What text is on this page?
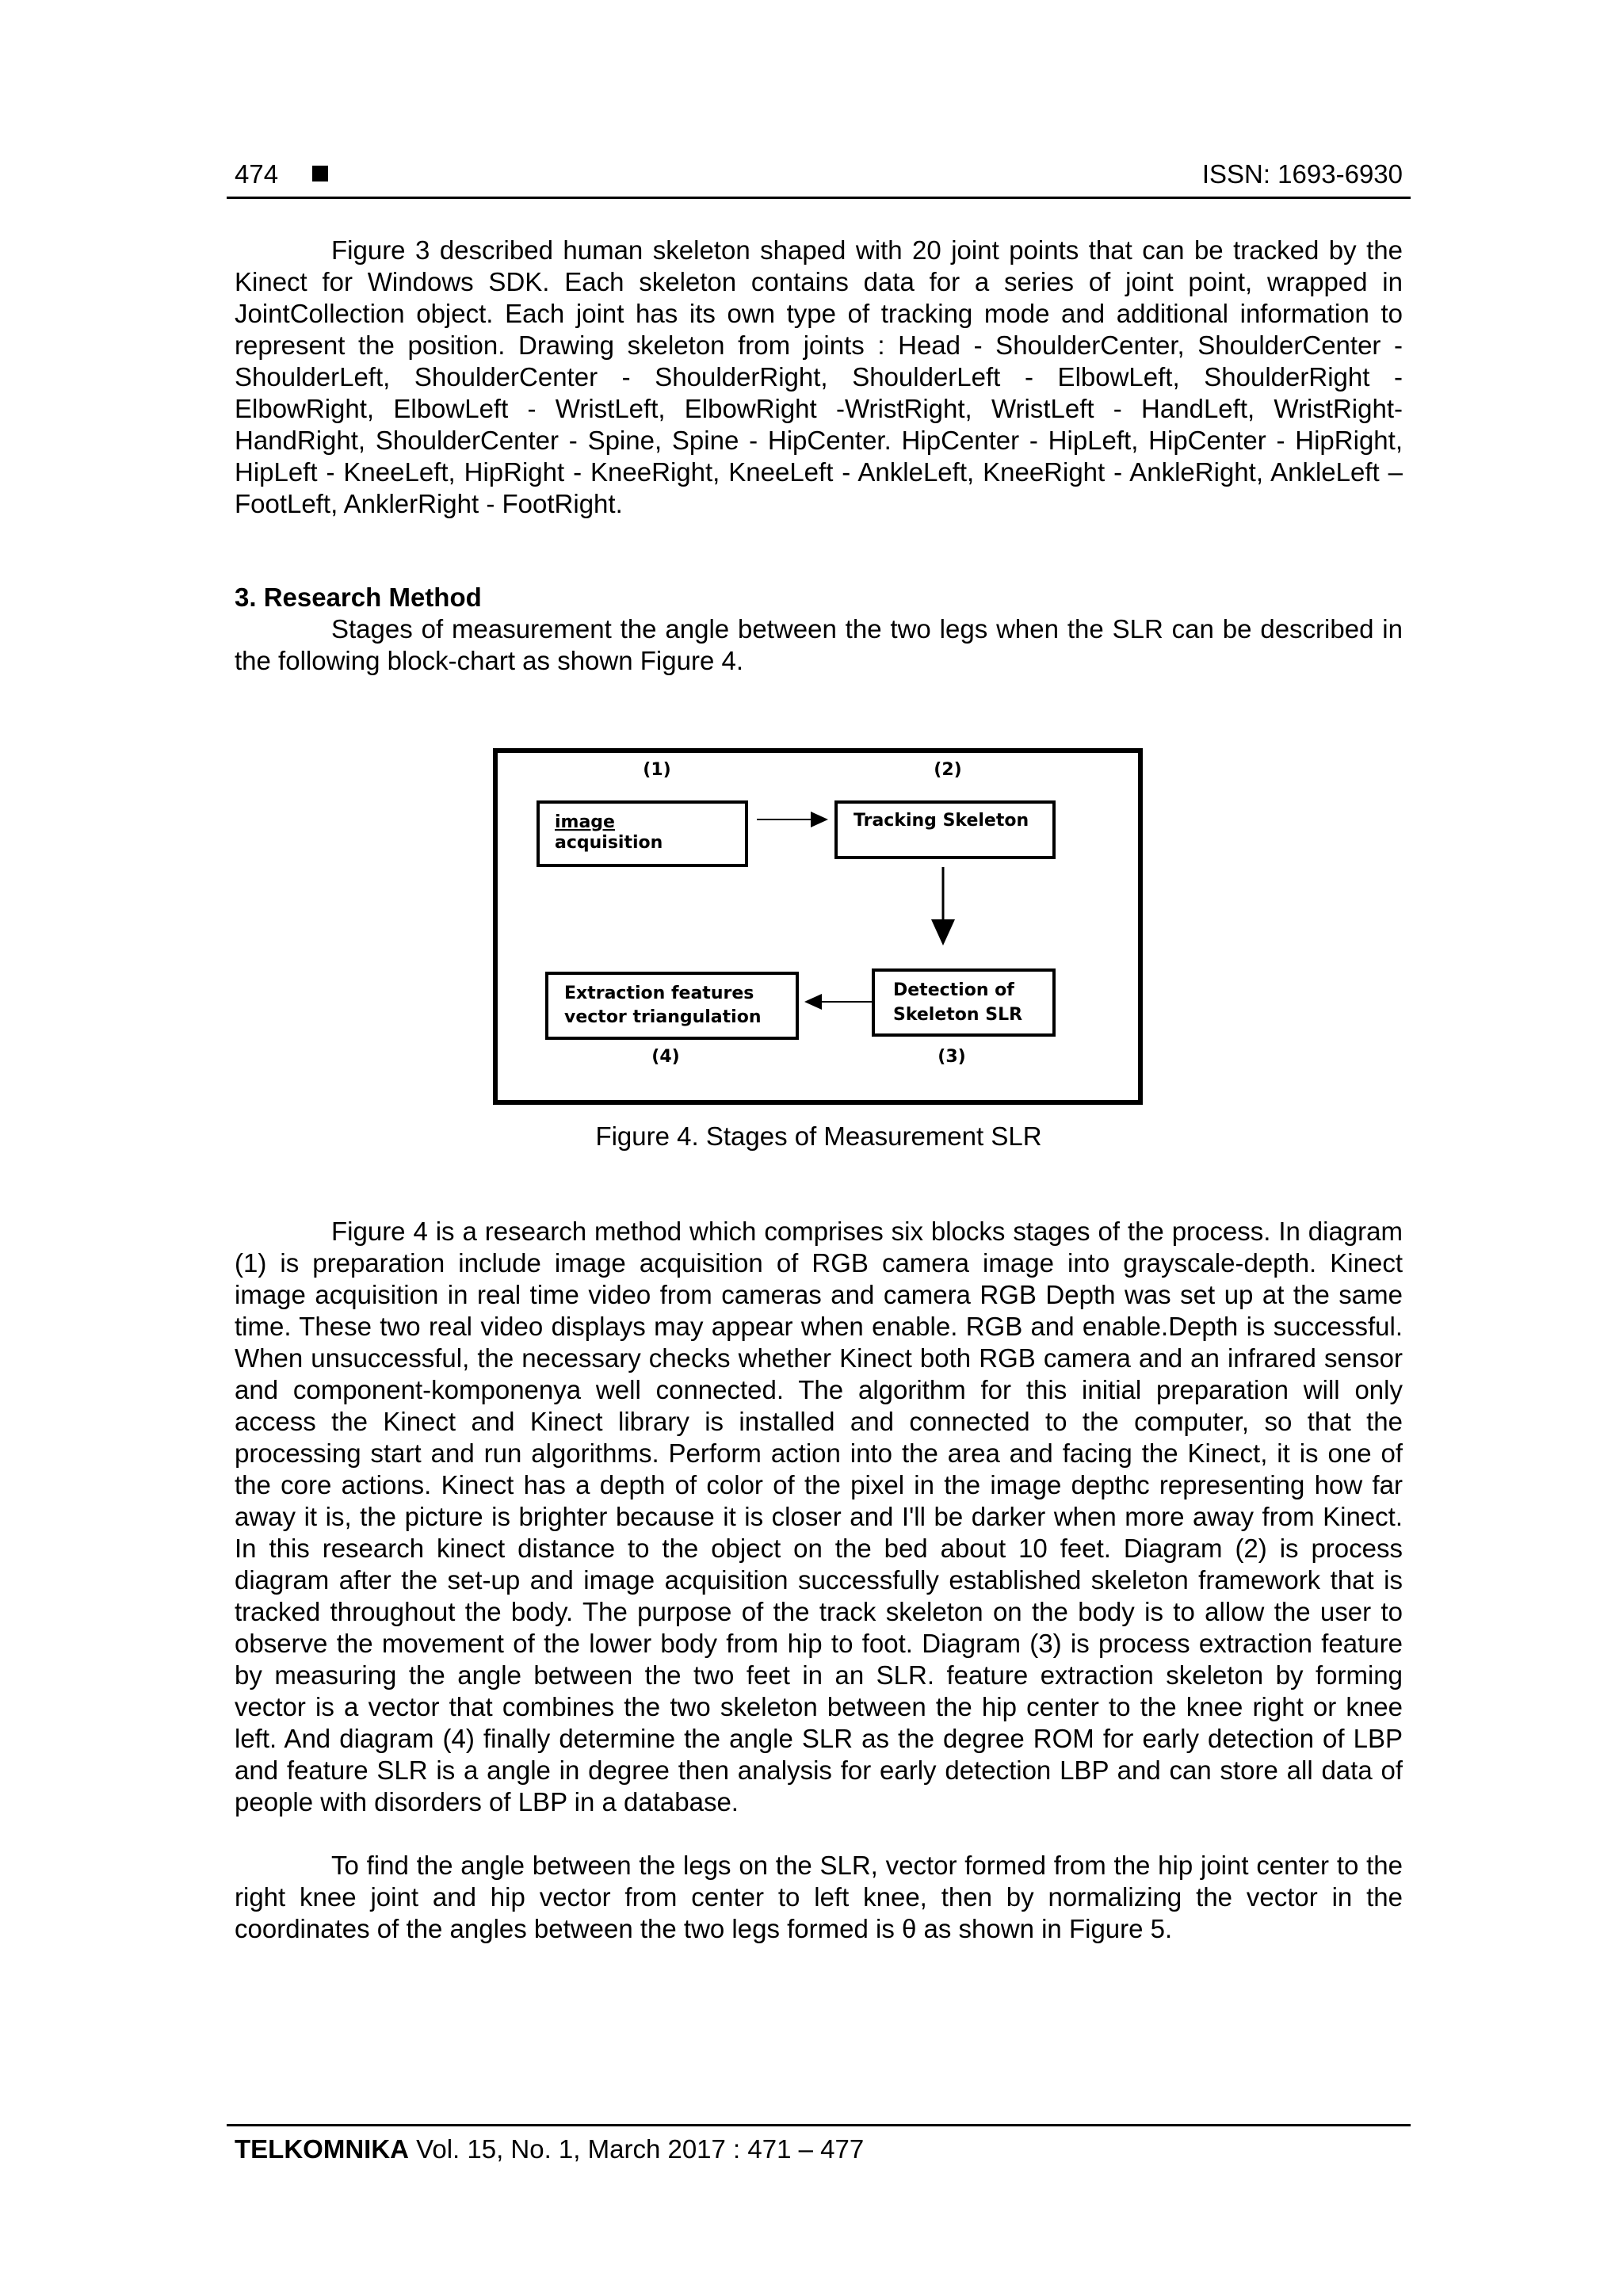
474	ISSN: 1693-6930

Figure 3 described human skeleton shaped with 20 joint points that can be tracked by the Kinect for Windows SDK. Each skeleton contains data for a series of joint point, wrapped in JointCollection object. Each joint has its own type of tracking mode and additional information to represent the position. Drawing skeleton from joints : Head - ShoulderCenter, ShoulderCenter - ShoulderLeft, ShoulderCenter - ShoulderRight, ShoulderLeft - ElbowLeft, ShoulderRight - ElbowRight, ElbowLeft - WristLeft, ElbowRight -WristRight, WristLeft - HandLeft, WristRight-HandRight, ShoulderCenter - Spine, Spine - HipCenter. HipCenter - HipLeft, HipCenter - HipRight, HipLeft - KneeLeft, HipRight - KneeRight, KneeLeft - AnkleLeft, KneeRight - AnkleRight, AnkleLeft – FootLeft, AnklerRight - FootRight.

3. Research Method

Stages of measurement the angle between the two legs when the SLR can be described in the following block-chart as shown Figure 4.

(1)
image
acquisition
(2)
Tracking Skeleton
Detection of
Skeleton SLR
(3)
Extraction features
vector triangulation
(4)
Figure 4. Stages of Measurement SLR

Figure 4 is a research method which comprises six blocks stages of the process. In diagram (1) is preparation include image acquisition of RGB camera image into grayscale-depth. Kinect image acquisition in real time video from cameras and camera RGB Depth was set up at the same time. These two real video displays may appear when enable. RGB and enable.Depth is successful. When unsuccessful, the necessary checks whether Kinect both RGB camera and an infrared sensor and component-komponenya well connected. The algorithm for this initial preparation will only access the Kinect and Kinect library is installed and connected to the computer, so that the processing start and run algorithms. Perform action into the area and facing the Kinect, it is one of the core actions. Kinect has a depth of color of the pixel in the image depthc representing how far away it is, the picture is brighter because it is closer and I'll be darker when more away from Kinect. In this research kinect distance to the object on the bed about 10 feet. Diagram (2) is process diagram after the set-up and image acquisition successfully established skeleton framework that is tracked throughout the body. The purpose of the track skeleton on the body is to allow the user to observe the movement of the lower body from hip to foot. Diagram (3) is process extraction feature by measuring the angle between the two feet in an SLR. feature extraction skeleton by forming vector is a vector that combines the two skeleton between the hip center to the knee right or knee left. And diagram (4) finally determine the angle SLR as the degree ROM for early detection of LBP and feature SLR is a angle in degree then analysis for early detection LBP and can store all data of people with disorders of LBP in a database.

To find the angle between the legs on the SLR, vector formed from the hip joint center to the right knee joint and hip vector from center to left knee, then by normalizing the vector in the coordinates of the angles between the two legs formed is θ as shown in Figure 5.

TELKOMNIKA Vol. 15, No. 1, March 2017 : 471 – 477
